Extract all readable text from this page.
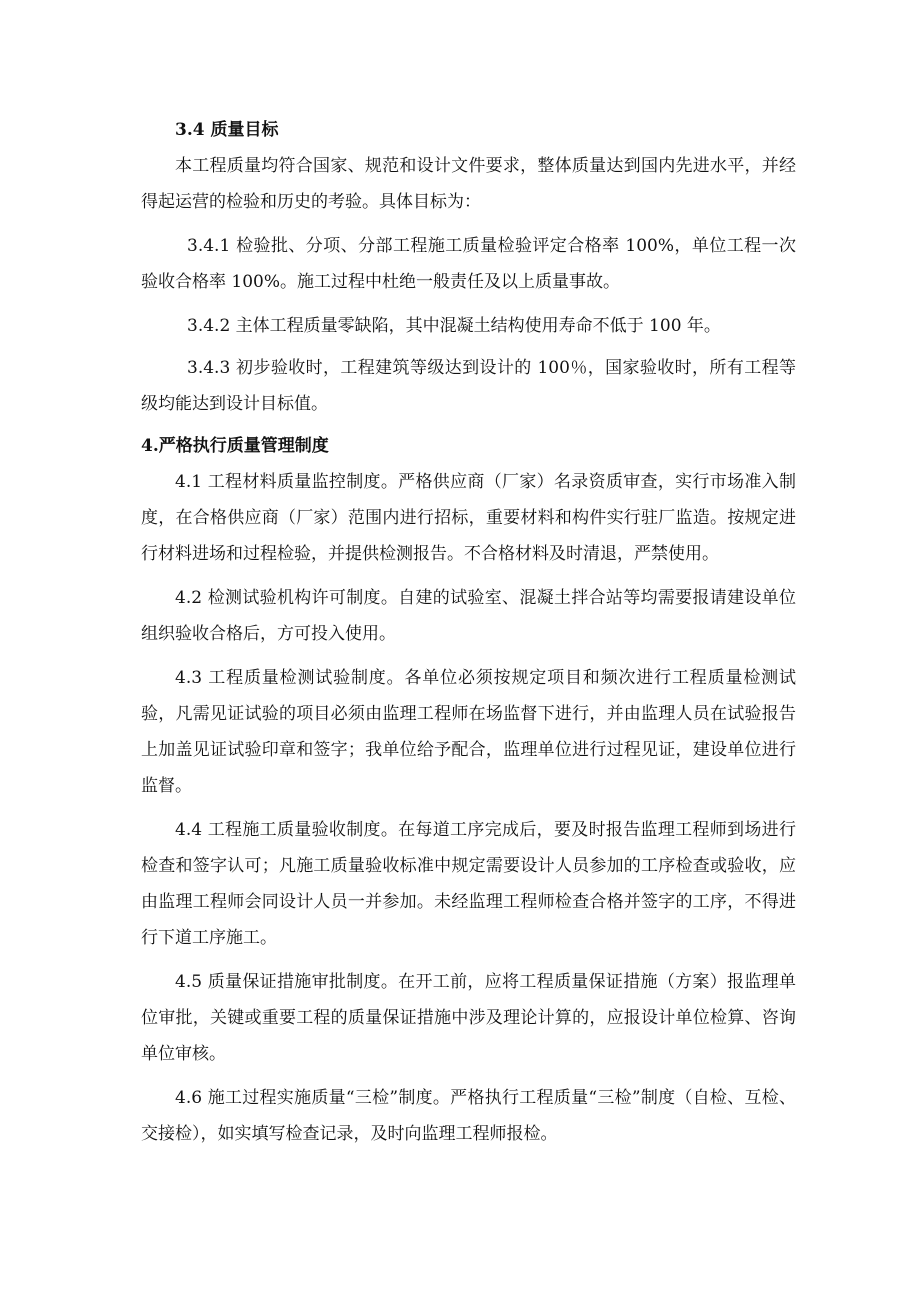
3.4 质量目标

本工程质量均符合国家、规范和设计文件要求，整体质量达到国内先进水平，并经得起运营的检验和历史的考验。具体目标为：

3.4.1 检验批、分项、分部工程施工质量检验评定合格率 100%，单位工程一次验收合格率 100%。施工过程中杜绝一般责任及以上质量事故。

3.4.2 主体工程质量零缺陷，其中混凝土结构使用寿命不低于 100 年。

3.4.3 初步验收时，工程建筑等级达到设计的 100％，国家验收时，所有工程等级均能达到设计目标值。

4.严格执行质量管理制度

4.1 工程材料质量监控制度。严格供应商（厂家）名录资质审查，实行市场准入制度，在合格供应商（厂家）范围内进行招标，重要材料和构件实行驻厂监造。按规定进行材料进场和过程检验，并提供检测报告。不合格材料及时清退，严禁使用。

4.2 检测试验机构许可制度。自建的试验室、混凝土拌合站等均需要报请建设单位组织验收合格后，方可投入使用。

4.3 工程质量检测试验制度。各单位必须按规定项目和频次进行工程质量检测试验，凡需见证试验的项目必须由监理工程师在场监督下进行，并由监理人员在试验报告上加盖见证试验印章和签字；我单位给予配合，监理单位进行过程见证，建设单位进行监督。

4.4 工程施工质量验收制度。在每道工序完成后，要及时报告监理工程师到场进行检查和签字认可；凡施工质量验收标准中规定需要设计人员参加的工序检查或验收，应由监理工程师会同设计人员一并参加。未经监理工程师检查合格并签字的工序，不得进行下道工序施工。

4.5 质量保证措施审批制度。在开工前，应将工程质量保证措施（方案）报监理单位审批，关键或重要工程的质量保证措施中涉及理论计算的，应报设计单位检算、咨询单位审核。

4.6 施工过程实施质量“三检”制度。严格执行工程质量“三检”制度（自检、互检、交接检），如实填写检查记录，及时向监理工程师报检。
